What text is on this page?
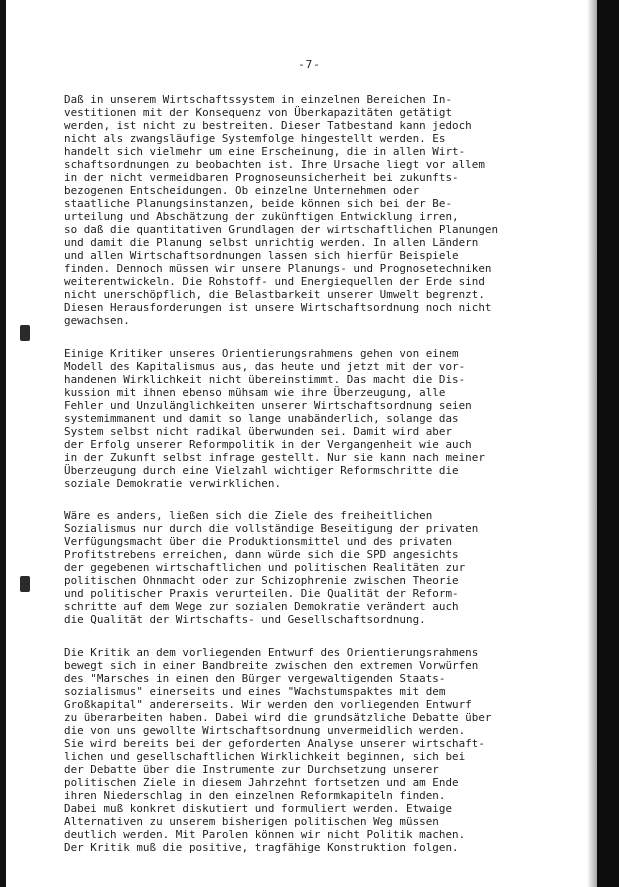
-7-

Daß in unserem Wirtschaftssystem in einzelnen Bereichen In-
vestitionen mit der Konsequenz von Überkapazitäten getätigt
werden, ist nicht zu bestreiten. Dieser Tatbestand kann jedoch
nicht als zwangsläufige Systemfolge hingestellt werden. Es
handelt sich vielmehr um eine Erscheinung, die in allen Wirt-
schaftsordnungen zu beobachten ist. Ihre Ursache liegt vor allem
in der nicht vermeidbaren Prognoseunsicherheit bei zukunfts-
bezogenen Entscheidungen. Ob einzelne Unternehmen oder
staatliche Planungsinstanzen, beide können sich bei der Be-
urteilung und Abschätzung der zukünftigen Entwicklung irren,
so daß die quantitativen Grundlagen der wirtschaftlichen Planungen
und damit die Planung selbst unrichtig werden. In allen Ländern
und allen Wirtschaftsordnungen lassen sich hierfür Beispiele
finden. Dennoch müssen wir unsere Planungs- und Prognosetechniken
weiterentwickeln. Die Rohstoff- und Energiequellen der Erde sind
nicht unerschöpflich, die Belastbarkeit unserer Umwelt begrenzt.
Diesen Herausforderungen ist unsere Wirtschaftsordnung noch nicht
gewachsen.

Einige Kritiker unseres Orientierungsrahmens gehen von einem
Modell des Kapitalismus aus, das heute und jetzt mit der vor-
handenen Wirklichkeit nicht übereinstimmt. Das macht die Dis-
kussion mit ihnen ebenso mühsam wie ihre Überzeugung, alle
Fehler und Unzulänglichkeiten unserer Wirtschaftsordnung seien
systemimmanent und damit so lange unabänderlich, solange das
System selbst nicht radikal überwunden sei. Damit wird aber
der Erfolg unserer Reformpolitik in der Vergangenheit wie auch
in der Zukunft selbst infrage gestellt. Nur sie kann nach meiner
Überzeugung durch eine Vielzahl wichtiger Reformschritte die
soziale Demokratie verwirklichen.

Wäre es anders, ließen sich die Ziele des freiheitlichen
Sozialismus nur durch die vollständige Beseitigung der privaten
Verfügungsmacht über die Produktionsmittel und des privaten
Profitstrebens erreichen, dann würde sich die SPD angesichts
der gegebenen wirtschaftlichen und politischen Realitäten zur
politischen Ohnmacht oder zur Schizophrenie zwischen Theorie
und politischer Praxis verurteilen. Die Qualität der Reform-
schritte auf dem Wege zur sozialen Demokratie verändert auch
die Qualität der Wirtschafts- und Gesellschaftsordnung.

Die Kritik an dem vorliegenden Entwurf des Orientierungsrahmens
bewegt sich in einer Bandbreite zwischen den extremen Vorwürfen
des "Marsches in einen den Bürger vergewaltigenden Staats-
sozialismus" einerseits und eines "Wachstumspaktes mit dem
Großkapital" andererseits. Wir werden den vorliegenden Entwurf
zu überarbeiten haben. Dabei wird die grundsätzliche Debatte über
die von uns gewollte Wirtschaftsordnung unvermeidlich werden.
Sie wird bereits bei der geforderten Analyse unserer wirtschaft-
lichen und gesellschaftlichen Wirklichkeit beginnen, sich bei
der Debatte über die Instrumente zur Durchsetzung unserer
politischen Ziele in diesem Jahrzehnt fortsetzen und am Ende
ihren Niederschlag in den einzelnen Reformkapiteln finden.
Dabei muß konkret diskutiert und formuliert werden. Etwaige
Alternativen zu unserem bisherigen politischen Weg müssen
deutlich werden. Mit Parolen können wir nicht Politik machen.
Der Kritik muß die positive, tragfähige Konstruktion folgen.
